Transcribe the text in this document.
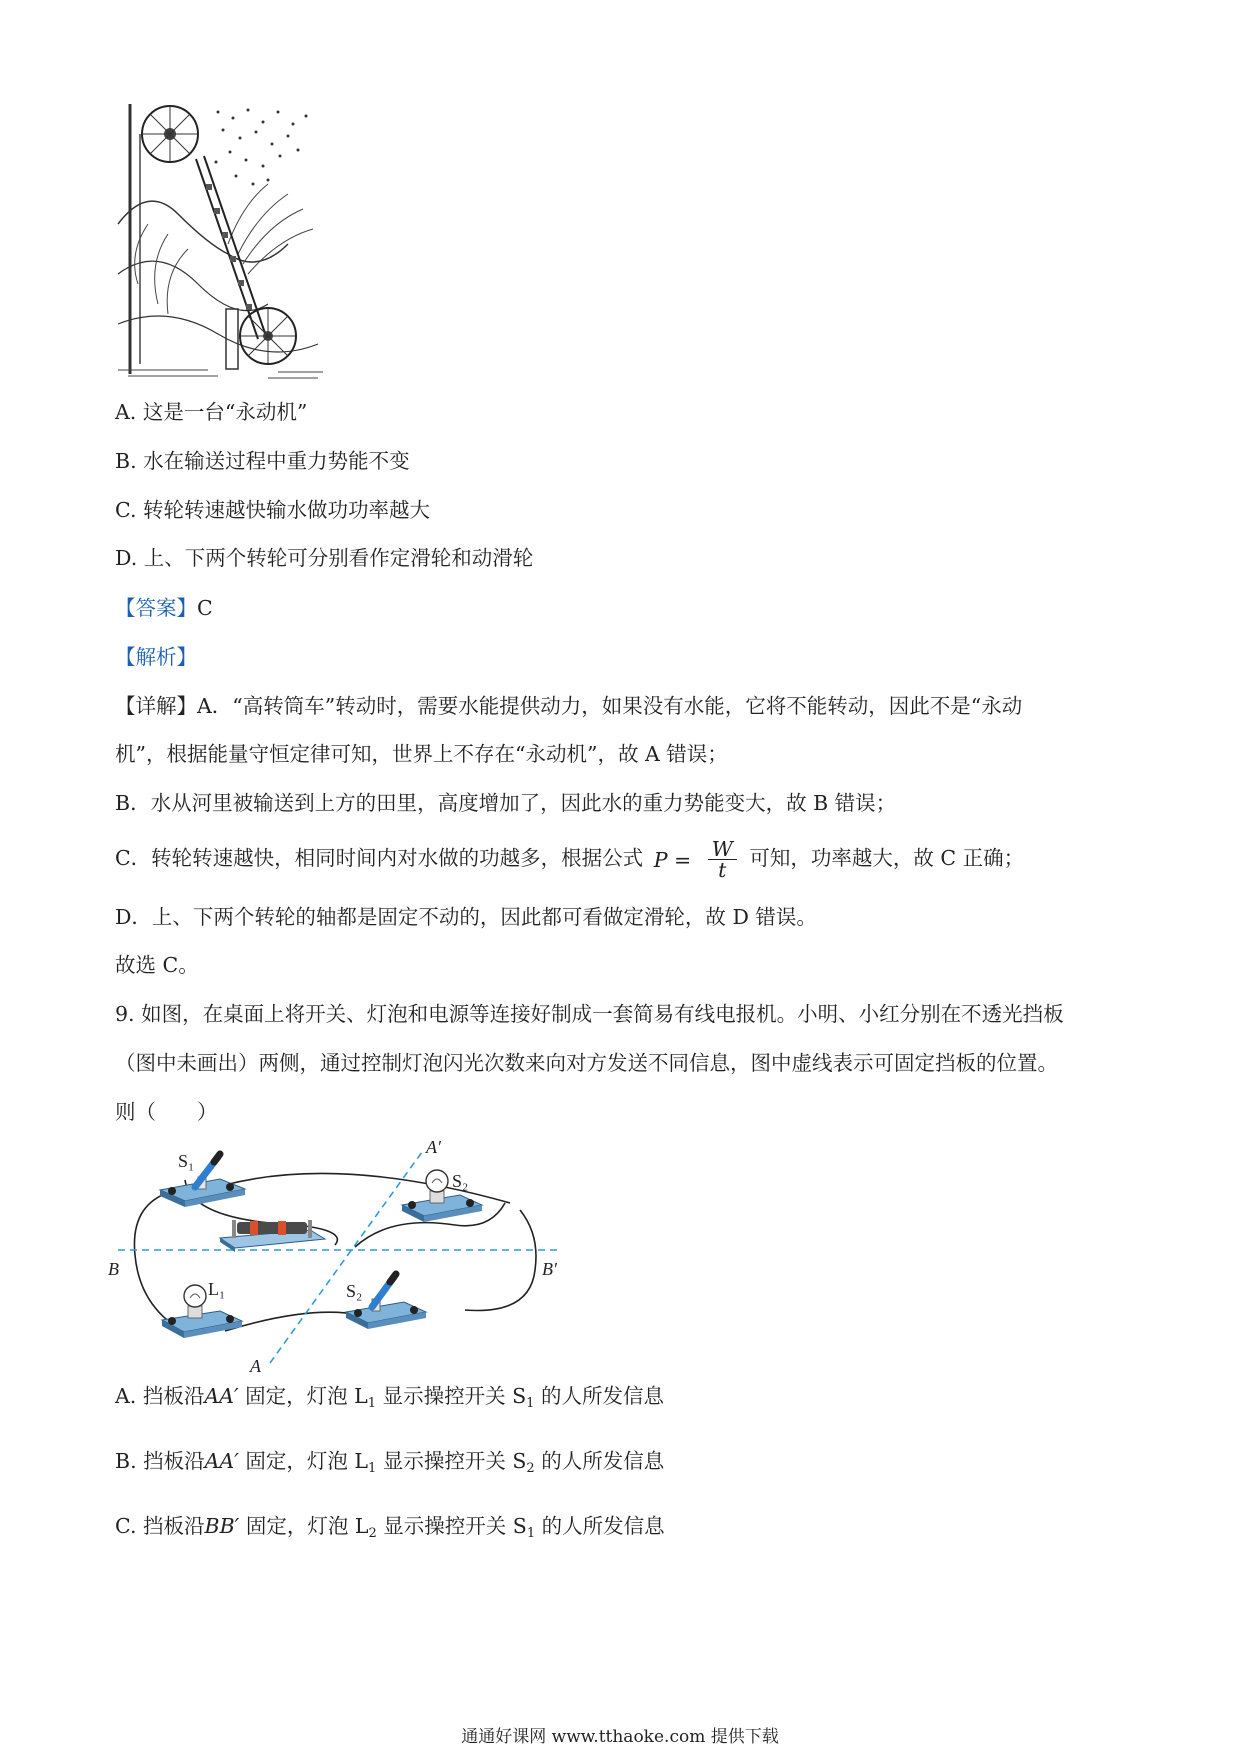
A. 这是一台“永动机”
B. 水在输送过程中重力势能不变
C. 转轮转速越快输水做功功率越大
D. 上、下两个转轮可分别看作定滑轮和动滑轮
【答案】C
【解析】
【详解】A．“高转筒车”转动时，需要水能提供动力，如果没有水能，它将不能转动，因此不是“永动
机”，根据能量守恒定律可知，世界上不存在“永动机”，故 A 错误；
B．水从河里被输送到上方的田里，高度增加了，因此水的重力势能变大，故 B 错误；
C．转轮转速越快，相同时间内对水做的功越多，根据公式 $P = \frac{W}{t}$ 可知，功率越大，故 C 正确；
D．上、下两个转轮的轴都是固定不动的，因此都可看做定滑轮，故 D 错误。
故选 C。
9. 如图，在桌面上将开关、灯泡和电源等连接好制成一套简易有线电报机。小明、小红分别在不透光挡板
（图中未画出）两侧，通过控制灯泡闪光次数来向对方发送不同信息，图中虚线表示可固定挡板的位置。
则（　　）
S₁
S₂
L₁	S₂
A′
A
B	B′
A. 挡板沿AA′ 固定，灯泡 $L_1$ 显示操控开关 $S_1$ 的人所发信息
B. 挡板沿AA′ 固定，灯泡 $L_1$ 显示操控开关 $S_2$ 的人所发信息
C. 挡板沿BB′ 固定，灯泡 $L_2$ 显示操控开关 $S_1$ 的人所发信息
通通好课网 www.tthaoke.com 提供下载
